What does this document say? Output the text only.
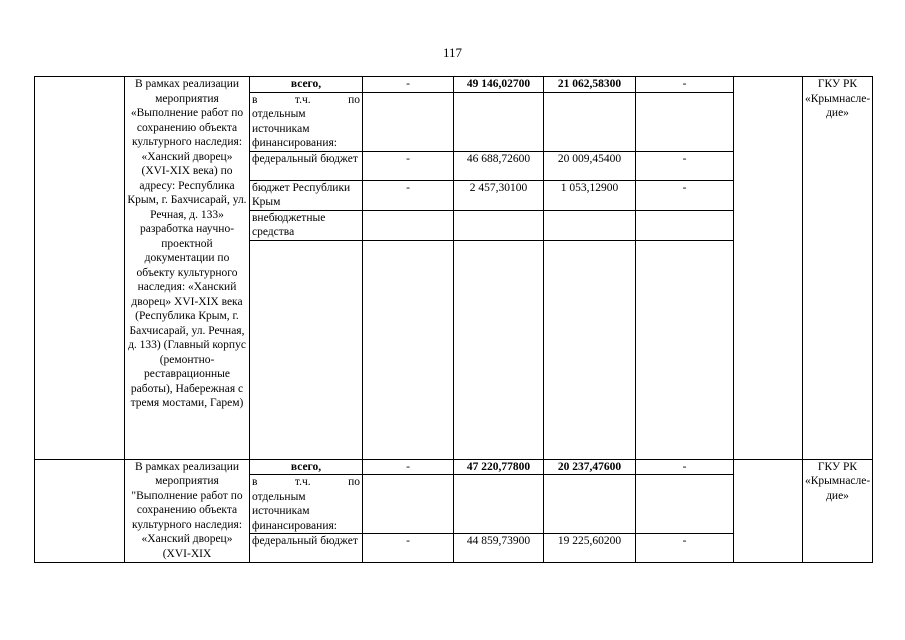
117
	В рамках реализации мероприятия «Выполнение работ по сохранению объекта культурного наследия: «Ханский дворец» (XVI-XIX века) по адресу: Республика Крым, г. Бахчисарай, ул. Речная, д. 133» разработка научно-проектной документации по объекту культурного наследия: «Ханский дворец» XVI-XIX века (Республика Крым, г. Бахчисарай, ул. Речная, д. 133) (Главный корпус (ремонтно-реставрационные работы), Набережная с тремя мостами, Гарем)	всего,	-	49 146,02700	21 062,58300	-		ГКУ РК «Крымнасле-дие»

		в т.ч. по
отдельным источникам финансирования:						
		федеральный бюджет	-	46 688,72600	20 009,45400	-		
		бюджет Республики Крым	-	2 457,30100	1 053,12900	-		
		внебюджетные средства						

	В рамках реализации мероприятия "Выполнение работ по сохранению объекта культурного наследия: «Ханский дворец» (XVI-XIX	всего,	-	47 220,77800	20 237,47600	-		ГКУ РК «Крымнасле-дие»

		в т.ч. по
отдельным источникам финансирования:						
		федеральный бюджет	-	44 859,73900	19 225,60200	-		
